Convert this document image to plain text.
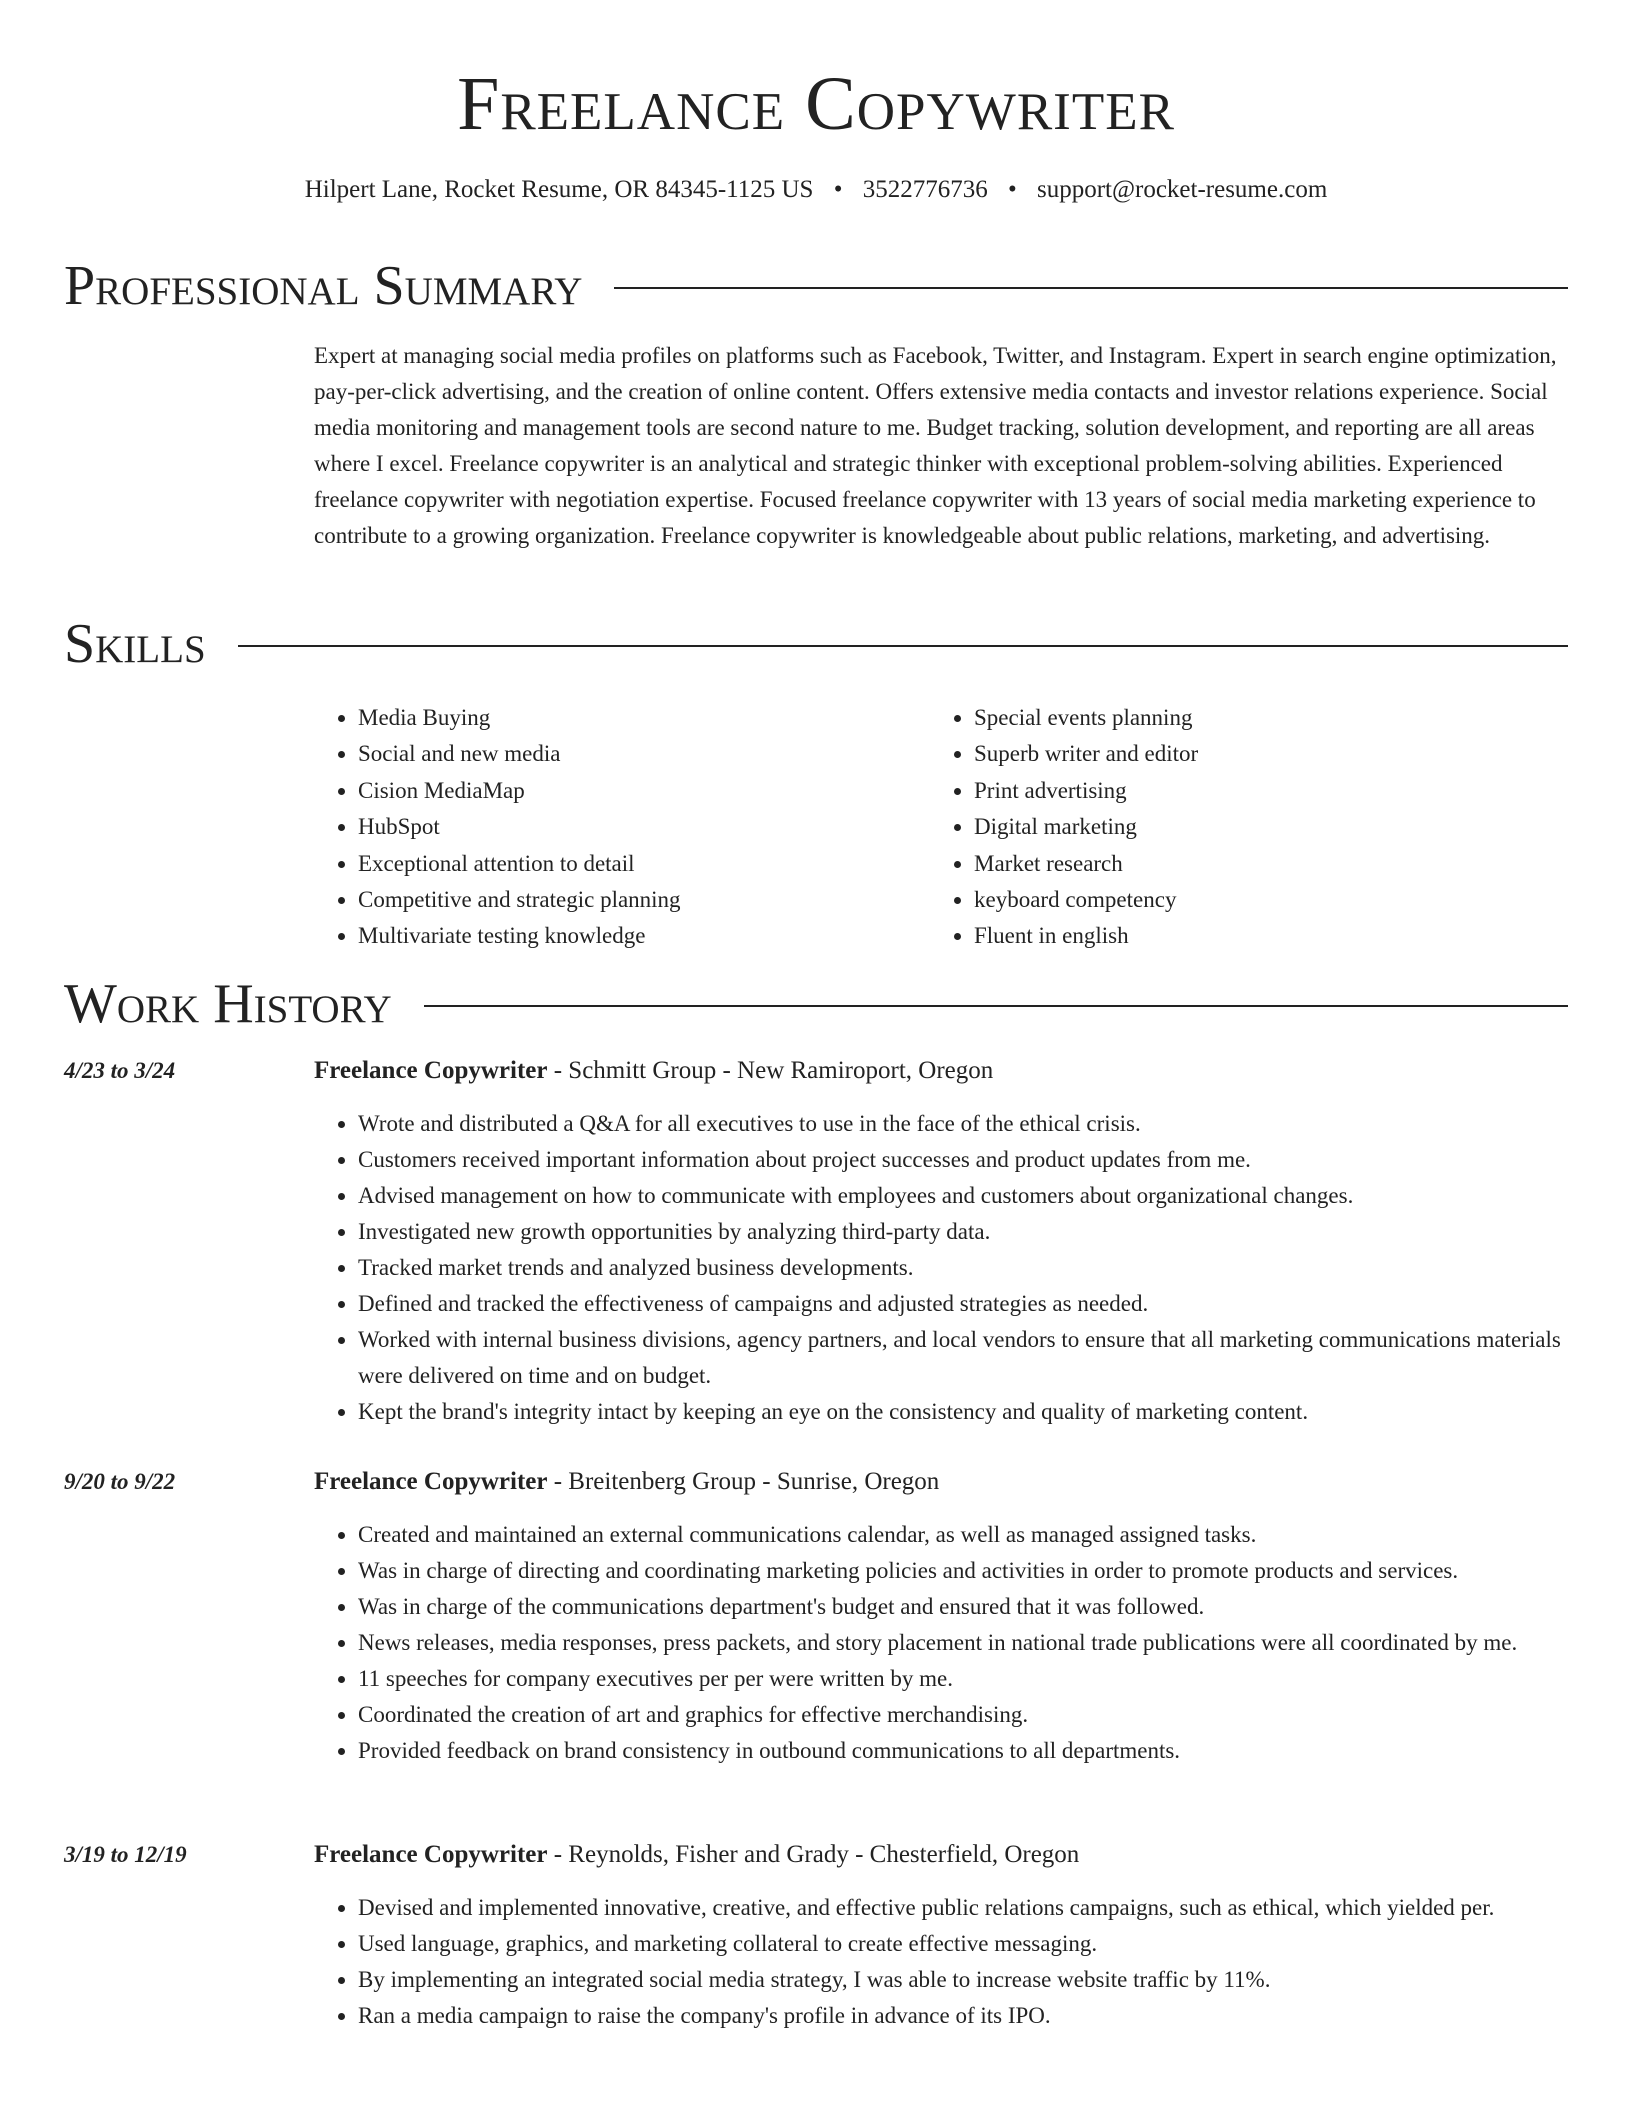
Freelance Copywriter
Hilpert Lane, Rocket Resume, OR 84345-1125 US • 3522776736 • support@rocket-resume.com
Professional Summary

Expert at managing social media profiles on platforms such as Facebook, Twitter, and Instagram. Expert in search engine optimization, pay-per-click advertising, and the creation of online content. Offers extensive media contacts and investor relations experience. Social media monitoring and management tools are second nature to me. Budget tracking, solution development, and reporting are all areas where I excel. Freelance copywriter is an analytical and strategic thinker with exceptional problem-solving abilities. Experienced freelance copywriter with negotiation expertise. Focused freelance copywriter with 13 years of social media marketing experience to contribute to a growing organization. Freelance copywriter is knowledgeable about public relations, marketing, and advertising.

Skills
• Media Buying
• Social and new media
• Cision MediaMap
• HubSpot
• Exceptional attention to detail
• Competitive and strategic planning
• Multivariate testing knowledge
• Special events planning
• Superb writer and editor
• Print advertising
• Digital marketing
• Market research
• keyboard competency
• Fluent in english
Work History
4/23 to 3/24	Freelance Copywriter - Schmitt Group - New Ramiroport, Oregon
• Wrote and distributed a Q&A for all executives to use in the face of the ethical crisis.
• Customers received important information about project successes and product updates from me.
• Advised management on how to communicate with employees and customers about organizational changes.
• Investigated new growth opportunities by analyzing third-party data.
• Tracked market trends and analyzed business developments.
• Defined and tracked the effectiveness of campaigns and adjusted strategies as needed.
• Worked with internal business divisions, agency partners, and local vendors to ensure that all marketing communications materials were delivered on time and on budget.
• Kept the brand's integrity intact by keeping an eye on the consistency and quality of marketing content.
9/20 to 9/22	Freelance Copywriter - Breitenberg Group - Sunrise, Oregon
• Created and maintained an external communications calendar, as well as managed assigned tasks.
• Was in charge of directing and coordinating marketing policies and activities in order to promote products and services.
• Was in charge of the communications department's budget and ensured that it was followed.
• News releases, media responses, press packets, and story placement in national trade publications were all coordinated by me.
• 11 speeches for company executives per per were written by me.
• Coordinated the creation of art and graphics for effective merchandising.
• Provided feedback on brand consistency in outbound communications to all departments.
3/19 to 12/19	Freelance Copywriter - Reynolds, Fisher and Grady - Chesterfield, Oregon
• Devised and implemented innovative, creative, and effective public relations campaigns, such as ethical, which yielded per.
• Used language, graphics, and marketing collateral to create effective messaging.
• By implementing an integrated social media strategy, I was able to increase website traffic by 11%.
• Ran a media campaign to raise the company's profile in advance of its IPO.
